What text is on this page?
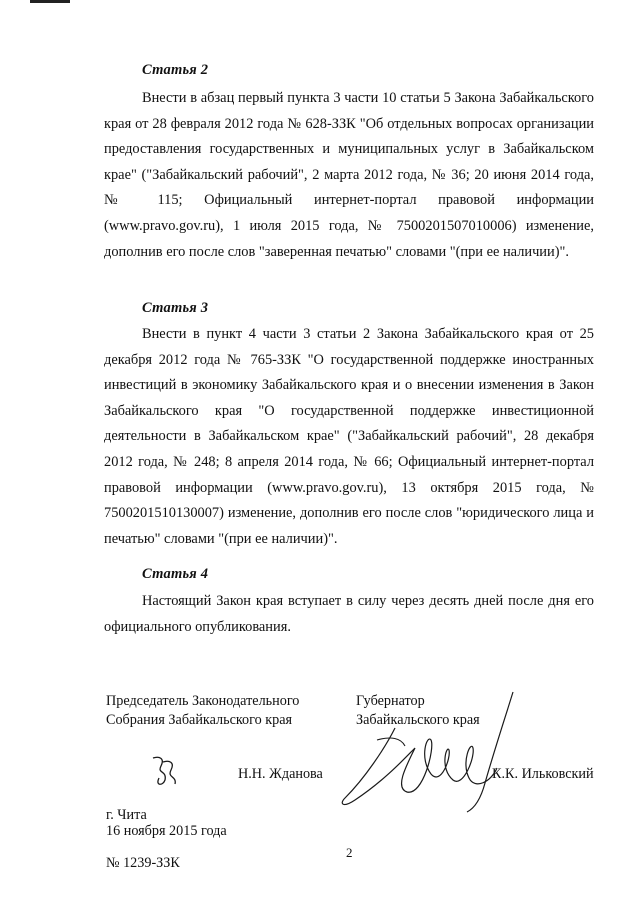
Статья 2

Внести в абзац первый пункта 3 части 10 статьи 5 Закона Забайкальского края от 28 февраля 2012 года № 628-ЗЗК "Об отдельных вопросах организации предоставления государственных и муниципальных услуг в Забайкальском крае" ("Забайкальский рабочий", 2 марта 2012 года, № 36; 20 июня 2014 года, № 115; Официальный интернет-портал правовой информации (www.pravo.gov.ru), 1 июля 2015 года, № 7500201507010006) изменение, дополнив его после слов "заверенная печатью" словами "(при ее наличии)".

Статья 3

Внести в пункт 4 части 3 статьи 2 Закона Забайкальского края от 25 декабря 2012 года № 765-ЗЗК "О государственной поддержке иностранных инвестиций в экономику Забайкальского края и о внесении изменения в Закон Забайкальского края "О государственной поддержке инвестиционной деятельности в Забайкальском крае" ("Забайкальский рабочий", 28 декабря 2012 года, № 248; 8 апреля 2014 года, № 66; Официальный интернет-портал правовой информации (www.pravo.gov.ru), 13 октября 2015 года, № 7500201510130007) изменение, дополнив его после слов "юридического лица и печатью" словами "(при ее наличии)".

Статья 4

Настоящий Закон края вступает в силу через десять дней после дня его официального опубликования.

Председатель Законодательного
Собрания Забайкальского края
Н.Н. Жданова
Губернатор
Забайкальского края
К.К. Ильковский
г. Чита
16 ноября 2015 года
2
№ 1239-ЗЗК
